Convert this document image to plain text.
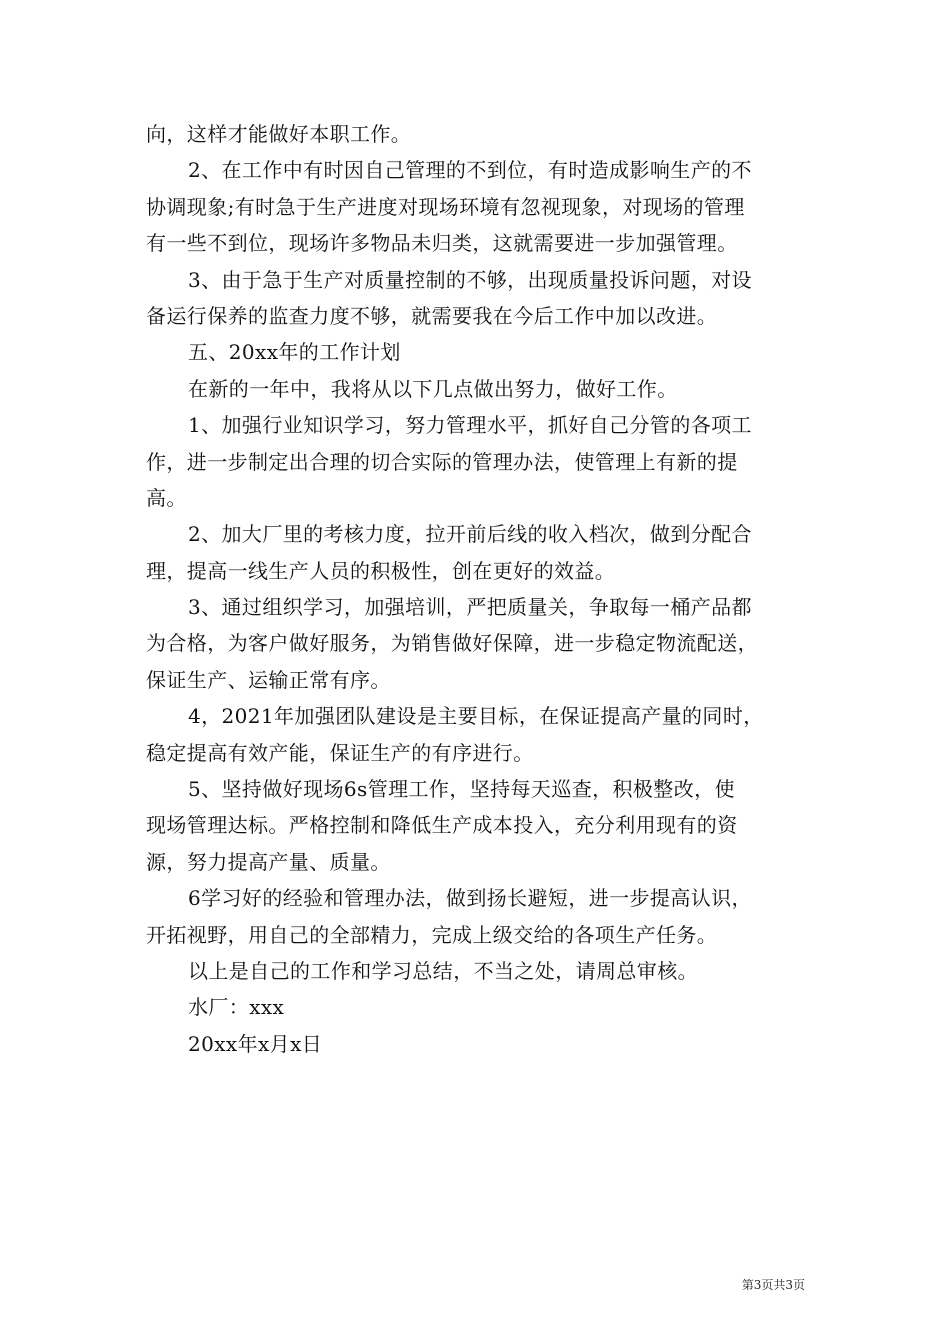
向，这样才能做好本职工作。
2、在工作中有时因自己管理的不到位，有时造成影响生产的不
协调现象;有时急于生产进度对现场环境有忽视现象，对现场的管理
有一些不到位，现场许多物品未归类，这就需要进一步加强管理。
3、由于急于生产对质量控制的不够，出现质量投诉问题，对设
备运行保养的监查力度不够，就需要我在今后工作中加以改进。
五、20xx年的工作计划
在新的一年中，我将从以下几点做出努力，做好工作。
1、加强行业知识学习，努力管理水平，抓好自己分管的各项工
作，进一步制定出合理的切合实际的管理办法，使管理上有新的提
高。
2、加大厂里的考核力度，拉开前后线的收入档次，做到分配合
理，提高一线生产人员的积极性，创在更好的效益。
3、通过组织学习，加强培训，严把质量关，争取每一桶产品都
为合格，为客户做好服务，为销售做好保障，进一步稳定物流配送，
保证生产、运输正常有序。
4，2021年加强团队建设是主要目标，在保证提高产量的同时，
稳定提高有效产能，保证生产的有序进行。
5、坚持做好现场6s管理工作，坚持每天巡查，积极整改，使
现场管理达标。严格控制和降低生产成本投入，充分利用现有的资
源，努力提高产量、质量。
6学习好的经验和管理办法，做到扬长避短，进一步提高认识，
开拓视野，用自己的全部精力，完成上级交给的各项生产任务。
以上是自己的工作和学习总结，不当之处，请周总审核。
水厂：xxx
20xx年x月x日
第3页共3页
